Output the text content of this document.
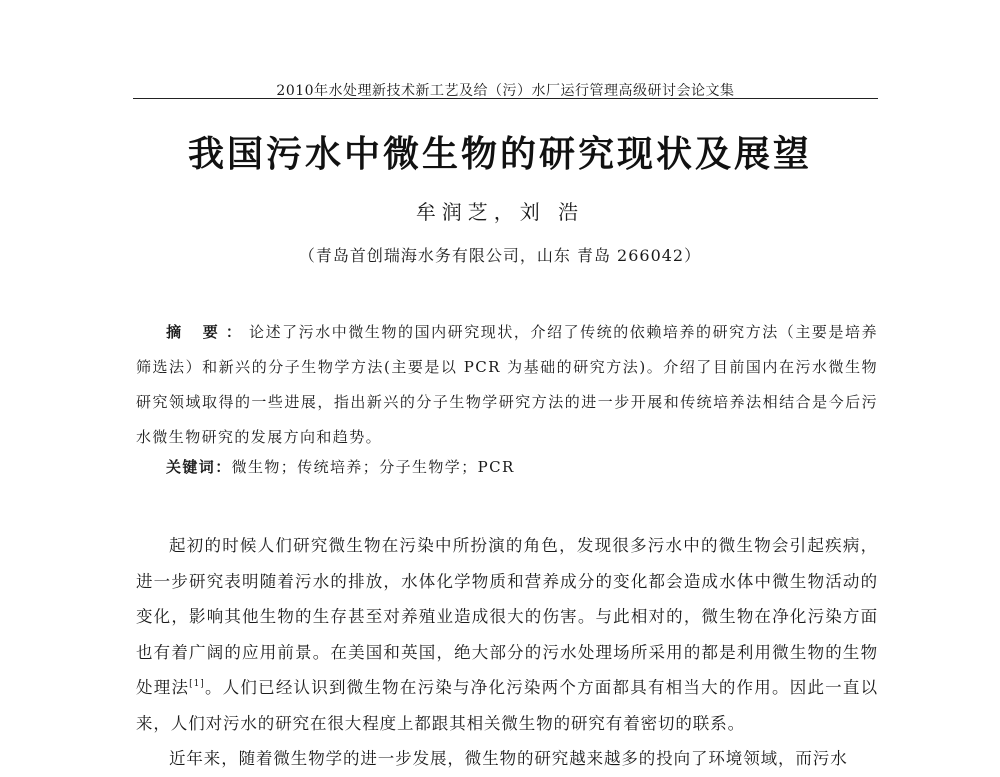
2010年水处理新技术新工艺及给（污）水厂运行管理高级研讨会论文集
我国污水中微生物的研究现状及展望
牟润芝，刘 浩
（青岛首创瑞海水务有限公司，山东 青岛 266042）
摘 要：论述了污水中微生物的国内研究现状，介绍了传统的依赖培养的研究方法（主要是培养筛选法）和新兴的分子生物学方法(主要是以 PCR 为基础的研究方法)。介绍了目前国内在污水微生物研究领域取得的一些进展，指出新兴的分子生物学研究方法的进一步开展和传统培养法相结合是今后污水微生物研究的发展方向和趋势。
关键词：微生物；传统培养；分子生物学；PCR

起初的时候人们研究微生物在污染中所扮演的角色，发现很多污水中的微生物会引起疾病，进一步研究表明随着污水的排放，水体化学物质和营养成分的变化都会造成水体中微生物活动的变化，影响其他生物的生存甚至对养殖业造成很大的伤害。与此相对的，微生物在净化污染方面也有着广阔的应用前景。在美国和英国，绝大部分的污水处理场所采用的都是利用微生物的生物处理法[1]。人们已经认识到微生物在污染与净化污染两个方面都具有相当大的作用。因此一直以来，人们对污水的研究在很大程度上都跟其相关微生物的研究有着密切的联系。

近年来，随着微生物学的进一步发展，微生物的研究越来越多的投向了环境领域，而污水
